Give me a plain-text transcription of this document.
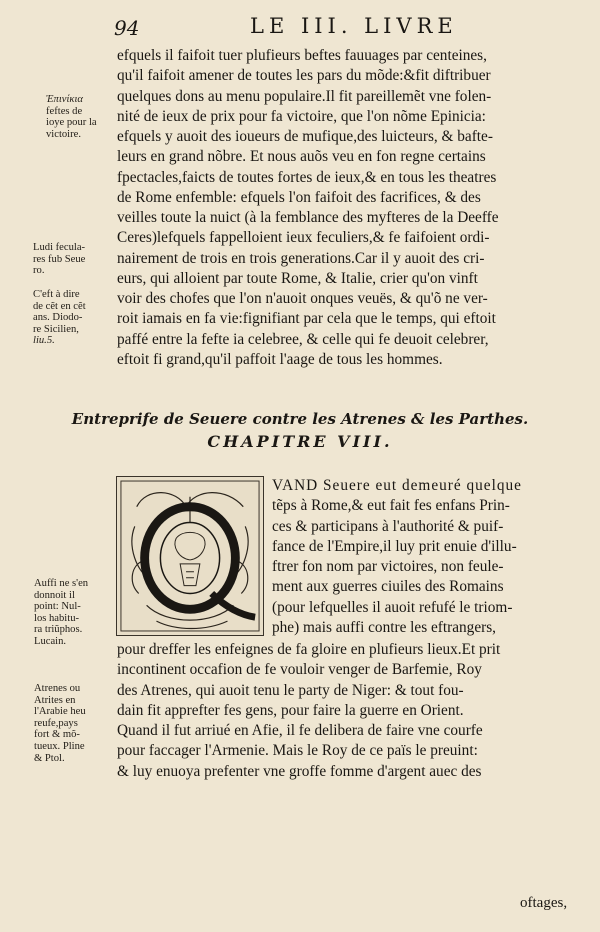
94	LE III. LIVRE
efquels il faifoit tuer plufieurs beftes fauuages par centeines,
qu'il faifoit amener de toutes les pars du mõde:&fit diftribuer
quelques dons au menu populaire.Il fit pareillemẽt vne folen-
nité de ieux de prix pour fa victoire, que l'on nõme Epinicia:
efquels y auoit des ioueurs de mufique,des luicteurs, & bafte-
leurs en grand nõbre. Et nous auõs veu en fon regne certains
fpectacles,faicts de toutes fortes de ieux,& en tous les theatres
de Rome enfemble: efquels l'on faifoit des facrifices, & des
veilles toute la nuict (à la femblance des myfteres de la Deeffe
Ceres)lefquels fappelloient ieux feculiers,& fe faifoient ordi-
nairement de trois en trois generations.Car il y auoit des cri-
eurs, qui alloient par toute Rome, & Italie, crier qu'on vinft
voir des chofes que l'on n'auoit onques veuës, & qu'õ ne ver-
roit iamais en fa vie:fignifiant par cela que le temps, qui eftoit
paffé entre la fefte ia celebree, & celle qui fe deuoit celebrer,
eftoit fi grand,qu'il paffoit l'aage de tous les hommes.
Ἐπινίκια
feftes de
ioye pour la
victoire.
Ludi fecula-
res fub Seue
ro.
C'eft à dire
de cẽt en cẽt
ans. Diodo-
re Sicilien,
liu.5.
Entreprife de Seuere contre les Atrenes & les Parthes.
CHAPITRE VIII.
VAND Seuere eut demeuré quelque
tẽps à Rome,& eut fait fes enfans Prin-
ces & participans à l'authorité & puif-
fance de l'Empire,il luy prit enuie d'illu-
ftrer fon nom par victoires, non feule-
ment aux guerres ciuiles des Romains
(pour lefquelles il auoit refufé le triom-
phe) mais auffi contre les eftrangers,
Auffi ne s'en
donnoit il
point: Nul-
los habitu-
ra triũphos.
Lucain.	pour dreffer les enfeignes de fa gloire en plufieurs lieux.Et prit
incontinent occafion de fe vouloir venger de Barfemie, Roy
des Atrenes, qui auoit tenu le party de Niger: & tout fou-
dain fit apprefter fes gens, pour faire la guerre en Orient.
Quand il fut arriué en Afie, il fe delibera de faire vne courfe
pour faccager l'Armenie. Mais le Roy de ce païs le preuint:
& luy enuoya prefenter vne groffe fomme d'argent auec des
Atrenes ou
Atrites en
l'Arabie heu
reufe,pays
fort & mõ-
tueux. Pline
& Ptol.
oftages,
